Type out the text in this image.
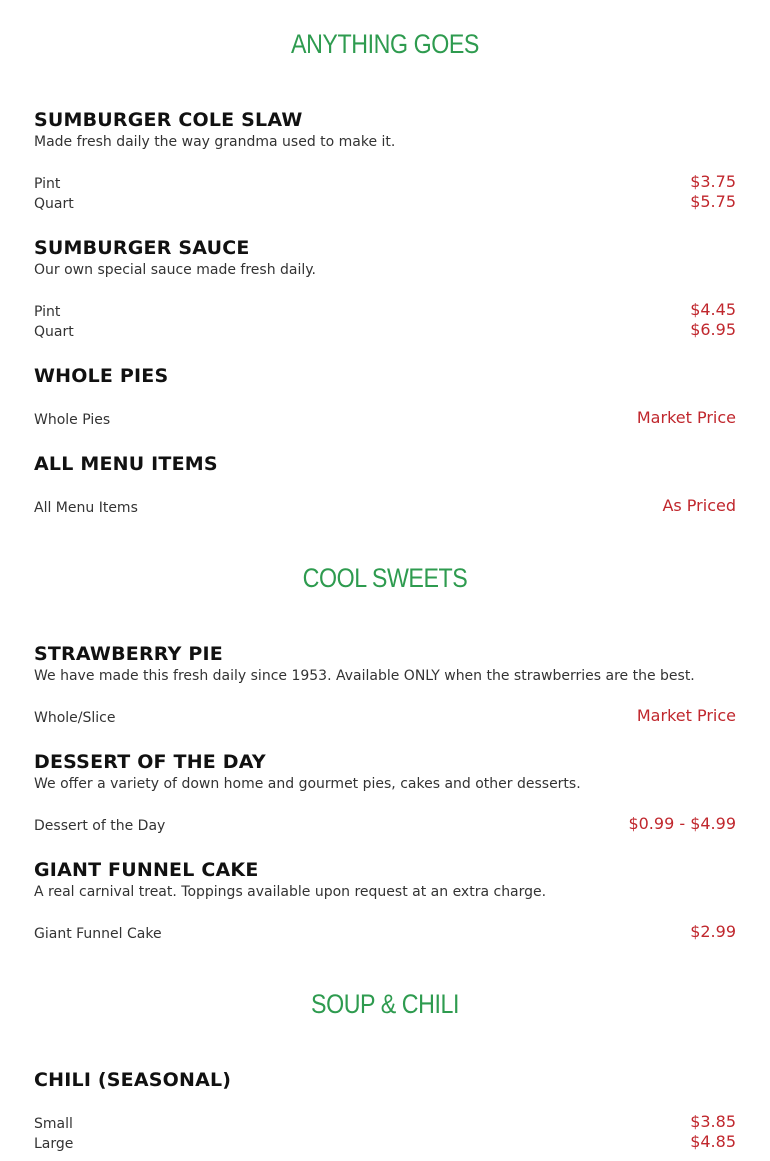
ANYTHING GOES
SUMBURGER COLE SLAW

Made fresh daily the way grandma used to make it.

Pint	$3.75
Quart	$5.75
SUMBURGER SAUCE

Our own special sauce made fresh daily.

Pint	$4.45
Quart	$6.95
WHOLE PIES
Whole Pies	Market Price
ALL MENU ITEMS
All Menu Items	As Priced
COOL SWEETS
STRAWBERRY PIE

We have made this fresh daily since 1953. Available ONLY when the strawberries are the best.

Whole/Slice	Market Price
DESSERT OF THE DAY

We offer a variety of down home and gourmet pies, cakes and other desserts.

Dessert of the Day	$0.99 - $4.99
GIANT FUNNEL CAKE

A real carnival treat. Toppings available upon request at an extra charge.

Giant Funnel Cake	$2.99
SOUP & CHILI
CHILI (SEASONAL)
Small	$3.85
Large	$4.85
